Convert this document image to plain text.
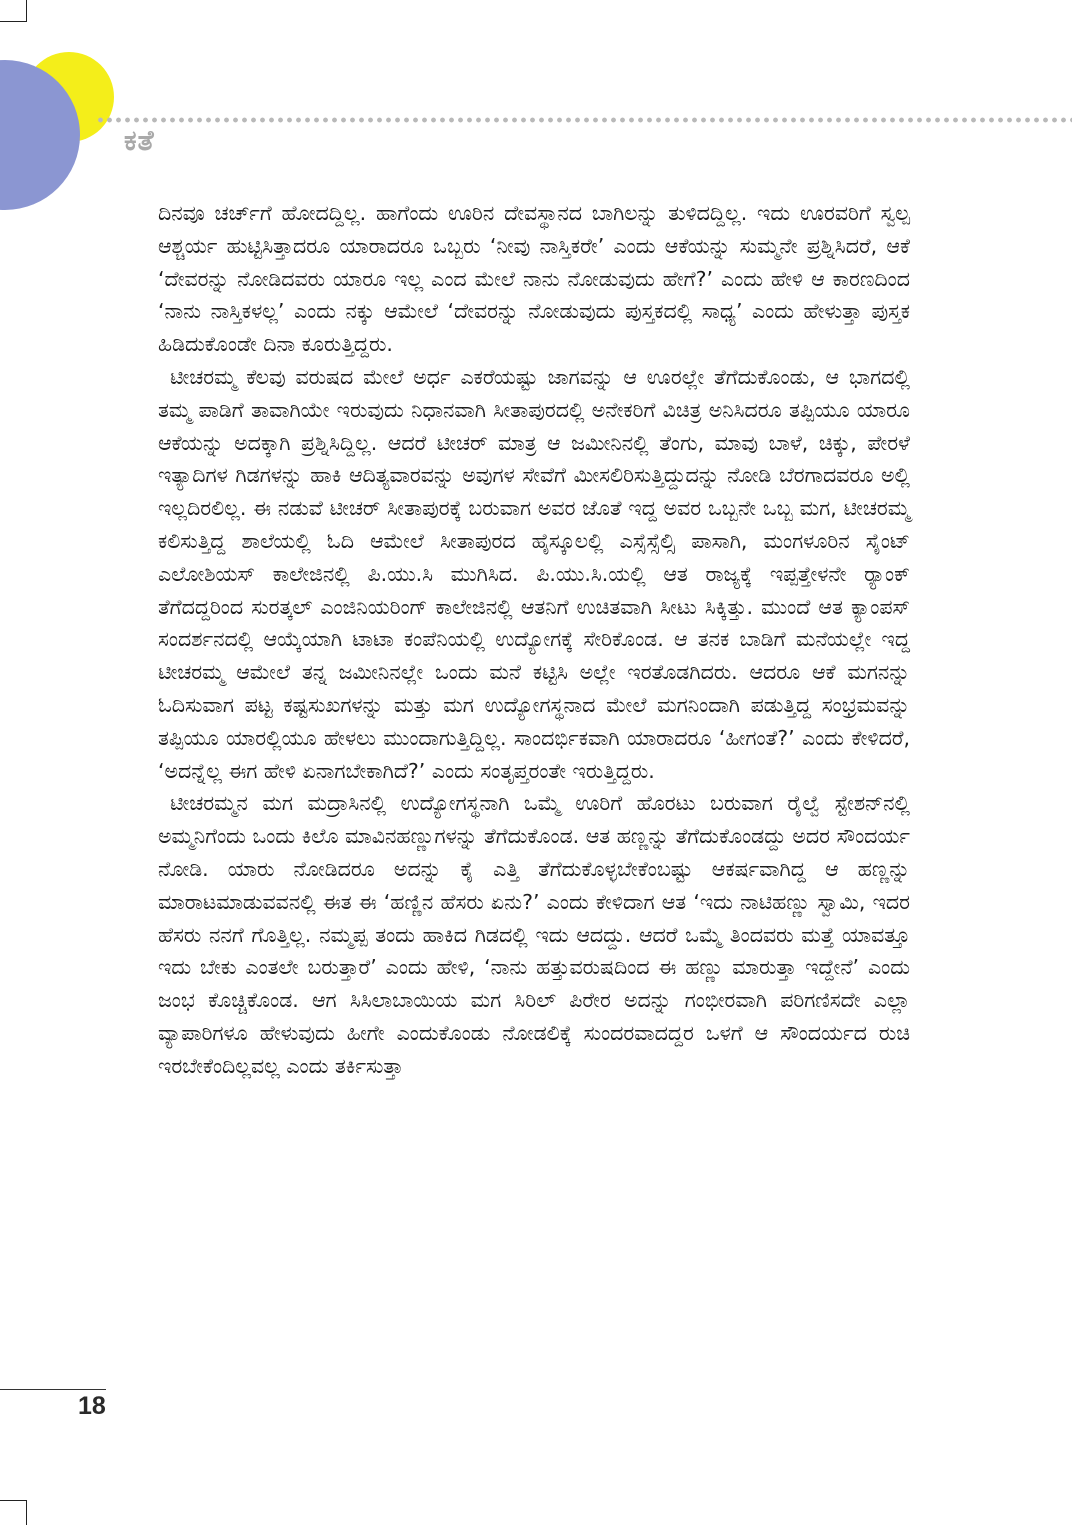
ಕತೆ

ದಿನವೂ ಚರ್ಚ್‌ಗೆ ಹೋದದ್ದಿಲ್ಲ. ಹಾಗೆಂದು ಊರಿನ ದೇವಸ್ಥಾನದ ಬಾಗಿಲನ್ನು ತುಳಿದದ್ದಿಲ್ಲ. ಇದು ಊರವರಿಗೆ ಸ್ವಲ್ಪ ಆಶ್ಚರ್ಯ ಹುಟ್ಟಿಸಿತ್ತಾದರೂ ಯಾರಾದರೂ ಒಬ್ಬರು ‘ನೀವು ನಾಸ್ತಿಕರೇ’ ಎಂದು ಆಕೆಯನ್ನು ಸುಮ್ಮನೇ ಪ್ರಶ್ನಿಸಿದರೆ, ಆಕೆ ‘ದೇವರನ್ನು ನೋಡಿದವರು ಯಾರೂ ಇಲ್ಲ ಎಂದ ಮೇಲೆ ನಾನು ನೋಡುವುದು ಹೇಗೆ?’ ಎಂದು ಹೇಳಿ ಆ ಕಾರಣದಿಂದ ‘ನಾನು ನಾಸ್ತಿಕಳಲ್ಲ’ ಎಂದು ನಕ್ಕು ಆಮೇಲೆ ‘ದೇವರನ್ನು ನೋಡುವುದು ಪುಸ್ತಕದಲ್ಲಿ ಸಾಧ್ಯ’ ಎಂದು ಹೇಳುತ್ತಾ ಪುಸ್ತಕ ಹಿಡಿದುಕೊಂಡೇ ದಿನಾ ಕೂರುತ್ತಿದ್ದರು.

ಟೀಚರಮ್ಮ ಕೆಲವು ವರುಷದ ಮೇಲೆ ಅರ್ಧ ಎಕರೆಯಷ್ಟು ಜಾಗವನ್ನು ಆ ಊರಲ್ಲೇ ತೆಗೆದುಕೊಂಡು, ಆ ಭಾಗದಲ್ಲಿ ತಮ್ಮ ಪಾಡಿಗೆ ತಾವಾಗಿಯೇ ಇರುವುದು ನಿಧಾನವಾಗಿ ಸೀತಾಪುರದಲ್ಲಿ ಅನೇಕರಿಗೆ ವಿಚಿತ್ರ ಅನಿಸಿದರೂ ತಪ್ಪಿಯೂ ಯಾರೂ ಆಕೆಯನ್ನು ಅದಕ್ಕಾಗಿ ಪ್ರಶ್ನಿಸಿದ್ದಿಲ್ಲ. ಆದರೆ ಟೀಚರ್ ಮಾತ್ರ ಆ ಜಮೀನಿನಲ್ಲಿ ತೆಂಗು, ಮಾವು ಬಾಳೆ, ಚಿಕ್ಕು, ಪೇರಳೆ ಇತ್ಯಾದಿಗಳ ಗಿಡಗಳನ್ನು ಹಾಕಿ ಆದಿತ್ಯವಾರವನ್ನು ಅವುಗಳ ಸೇವೆಗೆ ಮೀಸಲಿರಿಸುತ್ತಿದ್ದುದನ್ನು ನೋಡಿ ಬೆರಗಾದವರೂ ಅಲ್ಲಿ ಇಲ್ಲದಿರಲಿಲ್ಲ. ಈ ನಡುವೆ ಟೀಚರ್ ಸೀತಾಪುರಕ್ಕೆ ಬರುವಾಗ ಅವರ ಜೊತೆ ಇದ್ದ ಅವರ ಒಬ್ಬನೇ ಒಬ್ಬ ಮಗ, ಟೀಚರಮ್ಮ ಕಲಿಸುತ್ತಿದ್ದ ಶಾಲೆಯಲ್ಲಿ ಓದಿ ಆಮೇಲೆ ಸೀತಾಪುರದ ಹೈಸ್ಕೂಲಲ್ಲಿ ಎಸ್ಸೆಸ್ಸೆಲ್ಸಿ ಪಾಸಾಗಿ, ಮಂಗಳೂರಿನ ಸೈಂಟ್ ಎಲೋಶಿಯಸ್ ಕಾಲೇಜಿನಲ್ಲಿ ಪಿ.ಯು.ಸಿ ಮುಗಿಸಿದ. ಪಿ.ಯು.ಸಿ.ಯಲ್ಲಿ ಆತ ರಾಜ್ಯಕ್ಕೆ ಇಪ್ಪತ್ತೇಳನೇ ರ‍್ಯಾಂಕ್ ತೆಗೆದದ್ದರಿಂದ ಸುರತ್ಕಲ್ ಎಂಜಿನಿಯರಿಂಗ್ ಕಾಲೇಜಿನಲ್ಲಿ ಆತನಿಗೆ ಉಚಿತವಾಗಿ ಸೀಟು ಸಿಕ್ಕಿತ್ತು. ಮುಂದೆ ಆತ ಕ್ಯಾಂಪಸ್ ಸಂದರ್ಶನದಲ್ಲಿ ಆಯ್ಕೆಯಾಗಿ ಟಾಟಾ ಕಂಪೆನಿಯಲ್ಲಿ ಉದ್ಯೋಗಕ್ಕೆ ಸೇರಿಕೊಂಡ. ಆ ತನಕ ಬಾಡಿಗೆ ಮನೆಯಲ್ಲೇ ಇದ್ದ ಟೀಚರಮ್ಮ ಆಮೇಲೆ ತನ್ನ ಜಮೀನಿನಲ್ಲೇ ಒಂದು ಮನೆ ಕಟ್ಟಿಸಿ ಅಲ್ಲೇ ಇರತೊಡಗಿದರು. ಆದರೂ ಆಕೆ ಮಗನನ್ನು ಓದಿಸುವಾಗ ಪಟ್ಟ ಕಷ್ಟಸುಖಗಳನ್ನು ಮತ್ತು ಮಗ ಉದ್ಯೋಗಸ್ಥನಾದ ಮೇಲೆ ಮಗನಿಂದಾಗಿ ಪಡುತ್ತಿದ್ದ ಸಂಭ್ರಮವನ್ನು ತಪ್ಪಿಯೂ ಯಾರಲ್ಲಿಯೂ ಹೇಳಲು ಮುಂದಾಗುತ್ತಿದ್ದಿಲ್ಲ. ಸಾಂದರ್ಭಿಕವಾಗಿ ಯಾರಾದರೂ ‘ಹೀಗಂತೆ?’ ಎಂದು ಕೇಳಿದರೆ, ‘ಅದನ್ನೆಲ್ಲ ಈಗ ಹೇಳಿ ಏನಾಗಬೇಕಾಗಿದೆ?’ ಎಂದು ಸಂತೃಪ್ತರಂತೇ ಇರುತ್ತಿದ್ದರು.

ಟೀಚರಮ್ಮನ ಮಗ ಮದ್ರಾಸಿನಲ್ಲಿ ಉದ್ಯೋಗಸ್ಥನಾಗಿ ಒಮ್ಮೆ ಊರಿಗೆ ಹೊರಟು ಬರುವಾಗ ರೈಲ್ವೆ ಸ್ಟೇಶನ್‌ನಲ್ಲಿ ಅಮ್ಮನಿಗೆಂದು ಒಂದು ಕಿಲೊ ಮಾವಿನಹಣ್ಣುಗಳನ್ನು ತೆಗೆದುಕೊಂಡ. ಆತ ಹಣ್ಣನ್ನು ತೆಗೆದುಕೊಂಡದ್ದು ಅದರ ಸೌಂದರ್ಯ ನೋಡಿ. ಯಾರು ನೋಡಿದರೂ ಅದನ್ನು ಕೈ ಎತ್ತಿ ತೆಗೆದುಕೊಳ್ಳಬೇಕೆಂಬಷ್ಟು ಆಕರ್ಷವಾಗಿದ್ದ ಆ ಹಣ್ಣನ್ನು ಮಾರಾಟಮಾಡುವವನಲ್ಲಿ ಈತ ಈ ‘ಹಣ್ಣಿನ ಹೆಸರು ಏನು?’ ಎಂದು ಕೇಳಿದಾಗ ಆತ ‘ಇದು ನಾಟಿಹಣ್ಣು ಸ್ವಾಮಿ, ಇದರ ಹೆಸರು ನನಗೆ ಗೊತ್ತಿಲ್ಲ. ನಮ್ಮಪ್ಪ ತಂದು ಹಾಕಿದ ಗಿಡದಲ್ಲಿ ಇದು ಆದದ್ದು. ಆದರೆ ಒಮ್ಮೆ ತಿಂದವರು ಮತ್ತೆ ಯಾವತ್ತೂ ಇದು ಬೇಕು ಎಂತಲೇ ಬರುತ್ತಾರೆ’ ಎಂದು ಹೇಳಿ, ‘ನಾನು ಹತ್ತುವರುಷದಿಂದ ಈ ಹಣ್ಣು ಮಾರುತ್ತಾ ಇದ್ದೇನೆ’ ಎಂದು ಜಂಭ ಕೊಚ್ಚಿಕೊಂಡ. ಆಗ ಸಿಸಿಲಾಬಾಯಿಯ ಮಗ ಸಿರಿಲ್ ಪಿರೇರ ಅದನ್ನು ಗಂಭೀರವಾಗಿ ಪರಿಗಣಿಸದೇ ಎಲ್ಲಾ ವ್ಯಾಪಾರಿಗಳೂ ಹೇಳುವುದು ಹೀಗೇ ಎಂದುಕೊಂಡು ನೋಡಲಿಕ್ಕೆ ಸುಂದರವಾದದ್ದರ ಒಳಗೆ ಆ ಸೌಂದರ್ಯದ ರುಚಿ ಇರಬೇಕೆಂದಿಲ್ಲವಲ್ಲ ಎಂದು ತರ್ಕಿಸುತ್ತಾ

18
